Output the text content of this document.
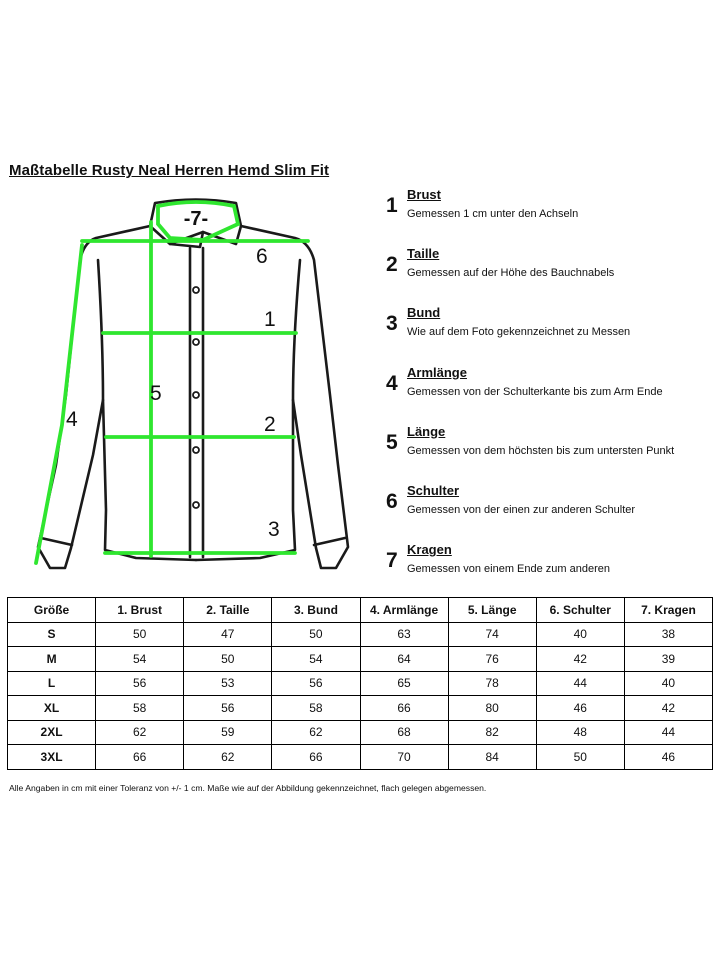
Maßtabelle Rusty Neal Herren Hemd Slim Fit
-7-
6
1
5
2
4
3
1 Brust
Gemessen 1 cm unter den Achseln
2 Taille
Gemessen auf der Höhe des Bauchnabels
3 Bund
Wie auf dem Foto gekennzeichnet zu Messen
4 Armlänge
Gemessen von der Schulterkante bis zum Arm Ende
5 Länge
Gemessen von dem höchsten bis zum untersten Punkt
6 Schulter
Gemessen von der einen zur anderen Schulter
7 Kragen
Gemessen von einem Ende zum anderen
Größe	1. Brust	2. Taille	3. Bund	4. Armlänge	5. Länge	6. Schulter	7. Kragen
S	50	47	50	63	74	40	38
M	54	50	54	64	76	42	39
L	56	53	56	65	78	44	40
XL	58	56	58	66	80	46	42
2XL	62	59	62	68	82	48	44
3XL	66	62	66	70	84	50	46
Alle Angaben in cm mit einer Toleranz von +/- 1 cm. Maße wie auf der Abbildung gekennzeichnet, flach gelegen abgemessen.
